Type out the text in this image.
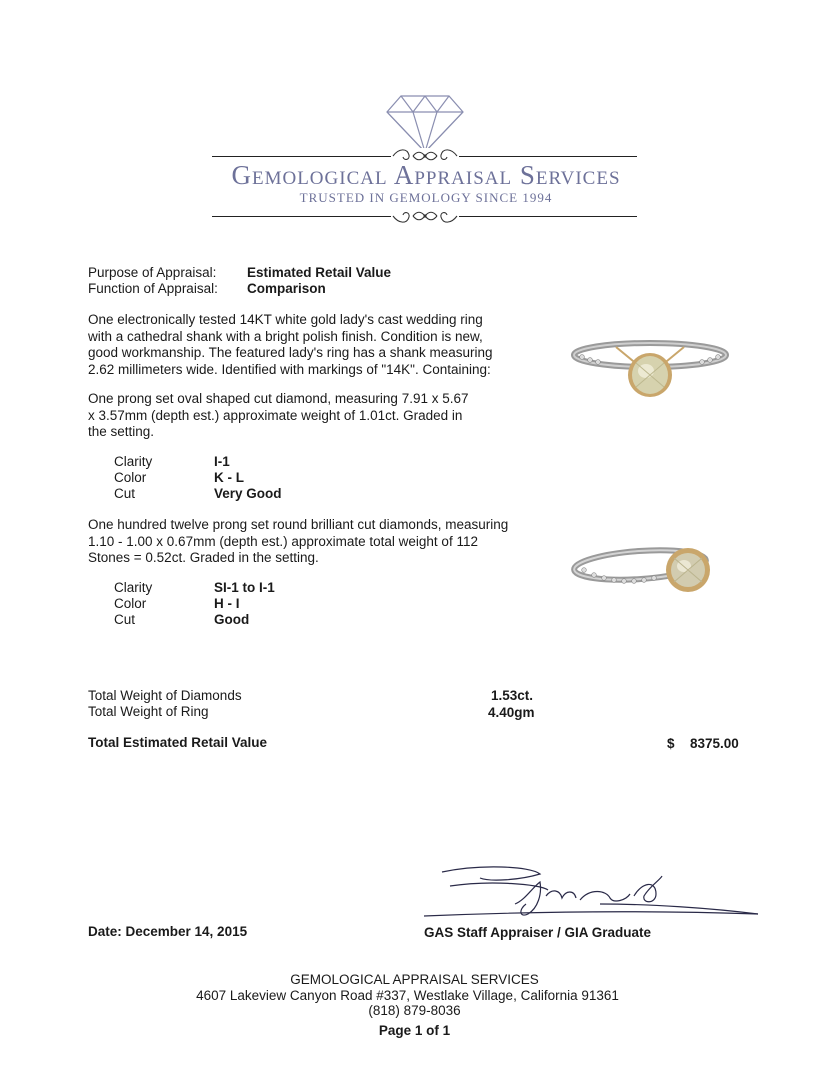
Gemological Appraisal Services
TRUSTED IN GEMOLOGY SINCE 1994
Purpose of Appraisal: Estimated Retail Value
Function of Appraisal: Comparison
One electronically tested 14KT white gold lady's cast wedding ring
with a cathedral shank with a bright polish finish. Condition is new,
good workmanship. The featured lady's ring has a shank measuring
2.62 millimeters wide. Identified with markings of "14K". Containing:
One prong set oval shaped cut diamond, measuring 7.91 x 5.67
x 3.57mm (depth est.) approximate weight of 1.01ct. Graded in
the setting.
Clarity	I-1
Color	K - L
Cut	Very Good
One hundred twelve prong set round brilliant cut diamonds, measuring
1.10 - 1.00 x 0.67mm (depth est.) approximate total weight of 112
Stones = 0.52ct. Graded in the setting.
Clarity	SI-1 to I-1
Color	H - I
Cut	Good
Total Weight of Diamonds	1.53ct.
Total Weight of Ring	4.40gm
Total Estimated Retail Value	$ 8375.00
Date: December 14, 2015	GAS Staff Appraiser / GIA Graduate
GEMOLOGICAL APPRAISAL SERVICES
4607 Lakeview Canyon Road #337, Westlake Village, California 91361
(818) 879-8036
Page 1 of 1
